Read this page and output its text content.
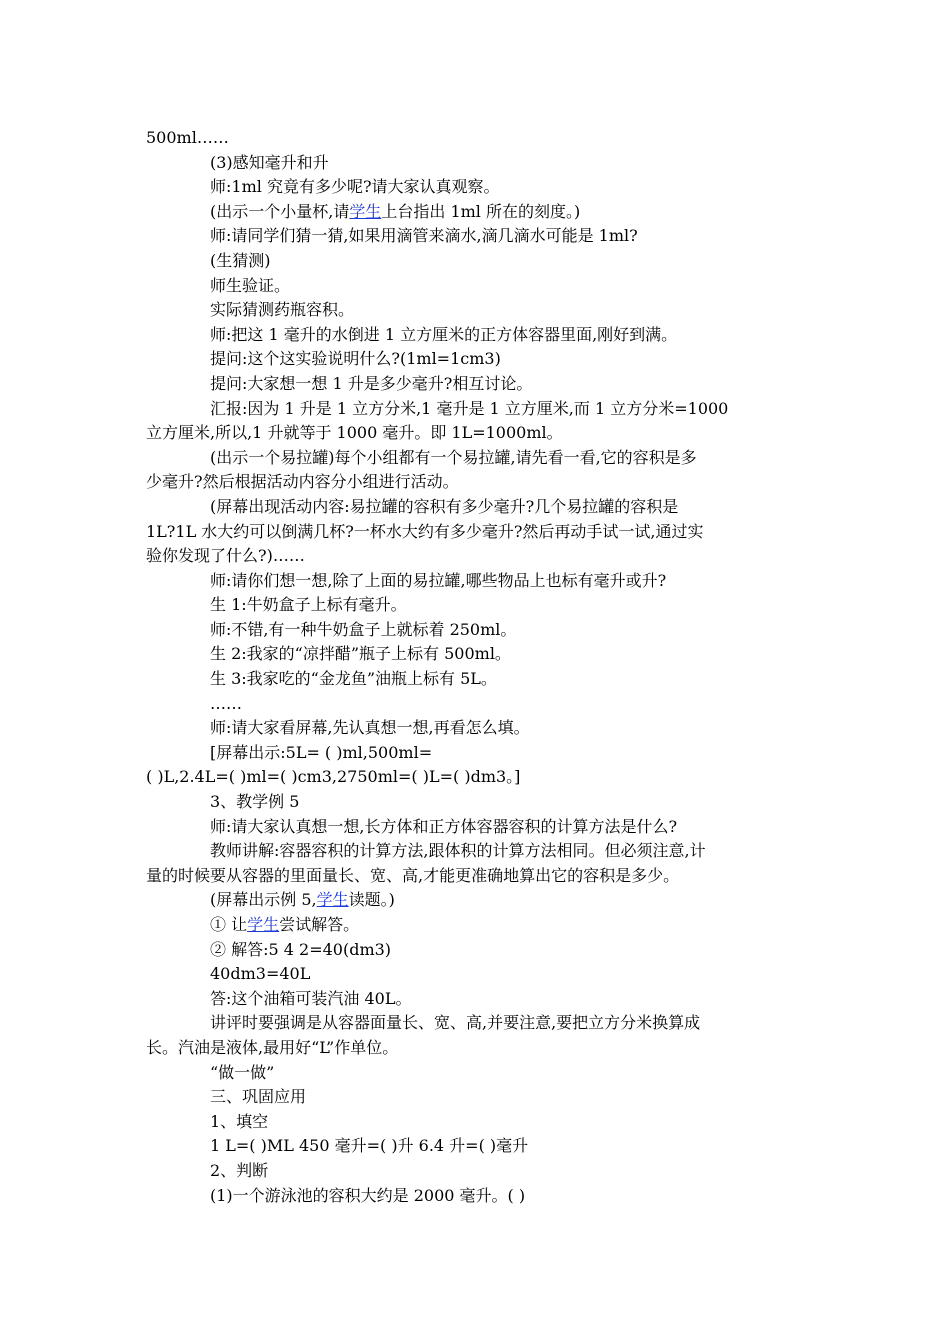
500ml……
(3)感知毫升和升
师:1ml 究竟有多少呢?请大家认真观察。
(出示一个小量杯,请学生上台指出 1ml 所在的刻度。)
师:请同学们猜一猜,如果用滴管来滴水,滴几滴水可能是 1ml?
(生猜测)
师生验证。
实际猜测药瓶容积。
师:把这 1 毫升的水倒进 1 立方厘米的正方体容器里面,刚好到满。
提问:这个这实验说明什么?(1ml=1cm3)
提问:大家想一想 1 升是多少毫升?相互讨论。
汇报:因为 1 升是 1 立方分米,1 毫升是 1 立方厘米,而 1 立方分米=1000
立方厘米,所以,1 升就等于 1000 毫升。即 1L=1000ml。
(出示一个易拉罐)每个小组都有一个易拉罐,请先看一看,它的容积是多
少毫升?然后根据活动内容分小组进行活动。
(屏幕出现活动内容:易拉罐的容积有多少毫升?几个易拉罐的容积是
1L?1L 水大约可以倒满几杯?一杯水大约有多少毫升?然后再动手试一试,通过实
验你发现了什么?)……
师:请你们想一想,除了上面的易拉罐,哪些物品上也标有毫升或升?
生 1:牛奶盒子上标有毫升。
师:不错,有一种牛奶盒子上就标着 250ml。
生 2:我家的“凉拌醋”瓶子上标有 500ml。
生 3:我家吃的“金龙鱼”油瓶上标有 5L。
……
师:请大家看屏幕,先认真想一想,再看怎么填。
[屏幕出示:5L= ( )ml,500ml=
( )L,2.4L=( )ml=( )cm3,2750ml=( )L=( )dm3。]
3、教学例 5
师:请大家认真想一想,长方体和正方体容器容积的计算方法是什么?
教师讲解:容器容积的计算方法,跟体积的计算方法相同。但必须注意,计
量的时候要从容器的里面量长、宽、高,才能更准确地算出它的容积是多少。
(屏幕出示例 5,学生读题。)
① 让学生尝试解答。
② 解答:5 4 2=40(dm3)
40dm3=40L
答:这个油箱可装汽油 40L。
讲评时要强调是从容器面量长、宽、高,并要注意,要把立方分米换算成
长。汽油是液体,最用好“L”作单位。
“做一做”
三、巩固应用
1、填空
1 L=( )ML 450 毫升=( )升 6.4 升=( )毫升
2、判断
(1)一个游泳池的容积大约是 2000 毫升。( )
